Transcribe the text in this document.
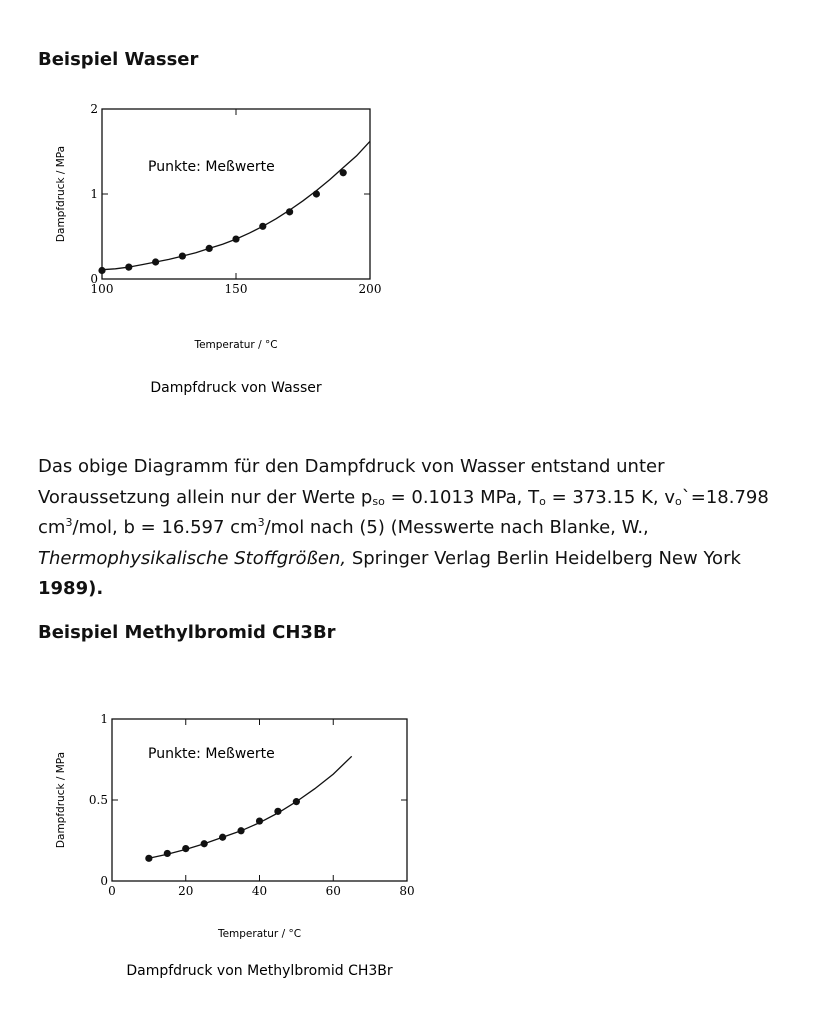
Beispiel Wasser
100	150	200
0
1
2
Punkte: Meßwerte
Temperatur / °C
Dampfdruck / MPa
Dampfdruck von Wasser

Das obige Diagramm für den Dampfdruck von Wasser entstand unter Voraussetzung allein nur der Werte $p_{so} = 0.1013$ MPa, $T_o = 373.15$ K, $v_o`=18.798$ $cm^3$/mol, b = 16.597 $cm^3$/mol nach (5) (Messwerte nach Blanke, W., Thermophysikalische Stoffgrößen, Springer Verlag Berlin Heidelberg New York 1989).

Beispiel Methylbromid CH3Br
0	20	40	60	80
0
0.5
1
Punkte: Meßwerte
Temperatur / °C
Dampfdruck / MPa
Dampfdruck von Methylbromid CH3Br
